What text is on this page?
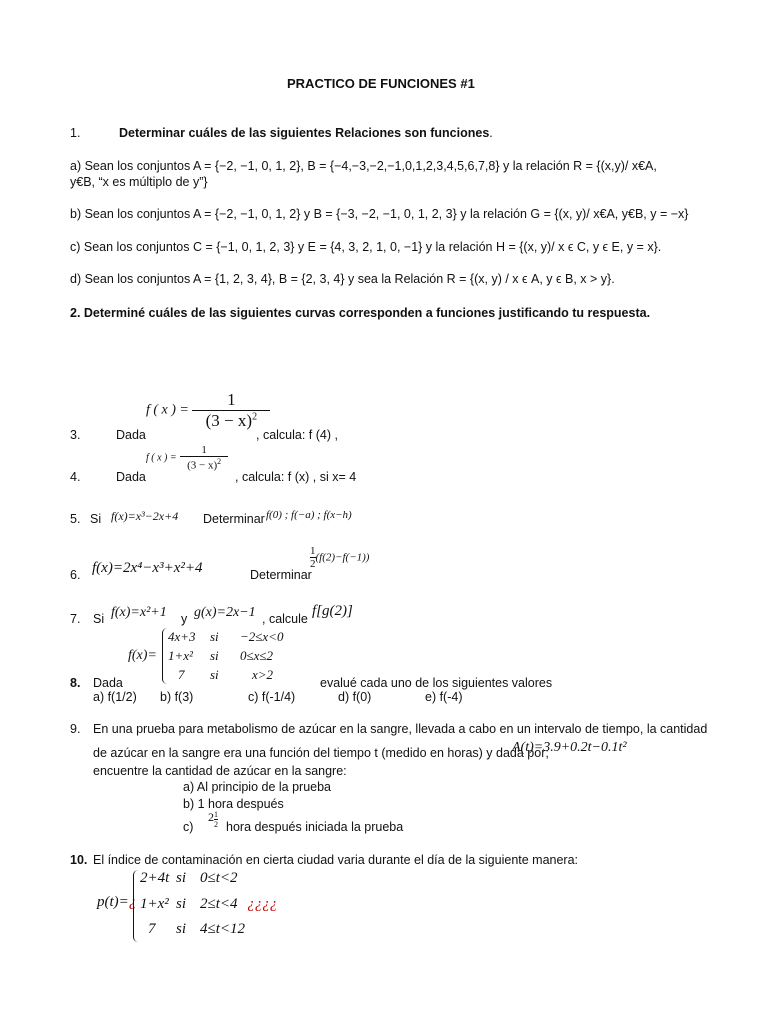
PRACTICO DE FUNCIONES #1
1.	Determinar cuáles de las siguientes Relaciones son funciones.
a) Sean los conjuntos A = {−2, −1, 0, 1, 2}, B = {−4,−3,−2,−1,0,1,2,3,4,5,6,7,8} y la relación R = {(x,y)/ x€A, y€B, “x es múltiplo de y”}
b) Sean los conjuntos A = {−2, −1, 0, 1, 2} y B = {−3, −2, −1, 0, 1, 2, 3} y la relación G = {(x, y)/ x€A, y€B, y = −x}
c) Sean los conjuntos C = {−1, 0, 1, 2, 3} y E = {4, 3, 2, 1, 0, −1} y la relación H = {(x, y)/ x ϵ C, y ϵ E, y = x}.
d) Sean los conjuntos A = {1, 2, 3, 4}, B = {2, 3, 4} y sea la Relación R = {(x, y) / x ϵ A, y ϵ B, x > y}.
2. Determiné cuáles de las siguientes curvas corresponden a funciones justificando tu respuesta.
3.	Dada
f ( x ) = $\frac{1}{(3 - x)^2}$
, calcula: f (4) ,
4.	Dada
f ( x ) = $\frac{1}{(3 - x)^2}$
, calcula: f (x) , si x= 4
5. Si f(x)=x³−2x+4 Determinar f(0) ; f(−a) ; f(x−h)
6. f(x)=2x⁴−x³+x²+4	Determinar
$\frac{1}{2} (f(2)-f(-1))$
7. Si f(x)=x²+1 y g(x)=2x−1 , calcule f[g(2)]
f(x)=
4x+3 si −2≤x<0
1+x² si 0≤x≤2
7 si	x>2
8. Dada	evalué cada uno de los siguientes valores
a) f(1/2) b) f(3)	c) f(-1/4)	d) f(0)	e) f(-4)
9. En una prueba para metabolismo de azúcar en la sangre, llevada a cabo en un intervalo de tiempo, la cantidad
de azúcar en la sangre era una función del tiempo t (medido en horas) y dada por;
A(t)=3.9+0.2t−0.1t²
encuentre la cantidad de azúcar en la sangre:
a) Al principio de la prueba
b) 1 hora después
c)
$2 \frac{1}{2}$ hora después iniciada la prueba
10. El índice de contaminación en cierta ciudad varia durante el día de la siguiente manera:
p(t)=¿
2+4t si 0≤t<2
1+x² si 2≤t<4 ¿¿¿¿
7 si 4≤t<12
